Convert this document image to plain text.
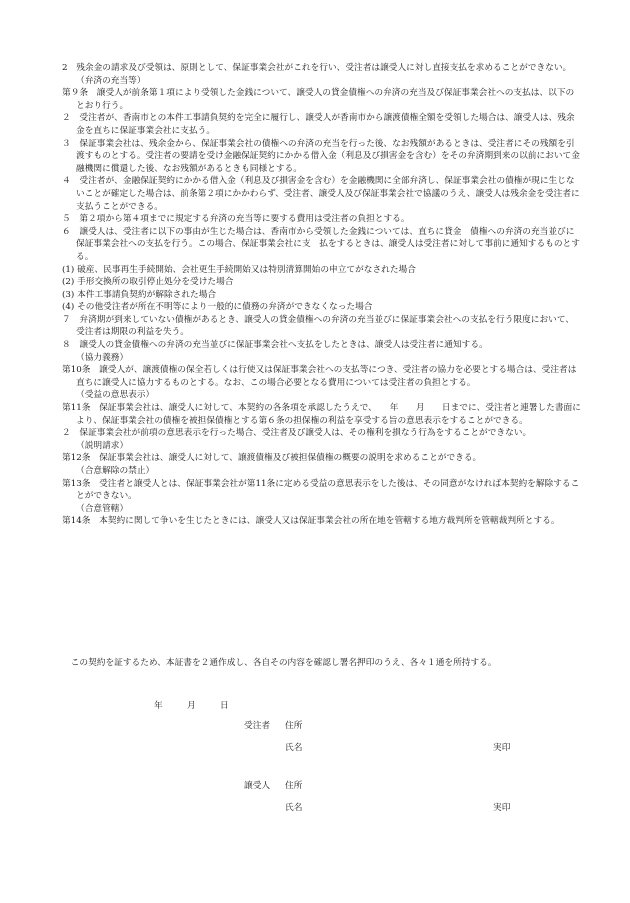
2　残余金の請求及び受領は、原則として、保証事業会社がこれを行い、受注者は譲受人に対し直接支払を求めることができない。

（弁済の充当等）

第９条　譲受人が前条第１項により受領した金銭について、譲受人の貸金債権への弁済の充当及び保証事業会社への支払は、以下のとおり行う。

２　受注者が、香南市との本件工事請負契約を完全に履行し、譲受人が香南市から譲渡債権全額を受領した場合は、譲受人は、残余金を直ちに保証事業会社に支払う。

３　保証事業会社は、残余金から、保証事業会社の債権への弁済の充当を行った後、なお残額があるときは、受注者にその残額を引渡すものとする。受注者の要請を受け金融保証契約にかかる借入金（利息及び損害金を含む）をその弁済期到来の以前において金融機関に償還した後、なお残額があるときも同様とする。

４　受注者が、金融保証契約にかかる借入金（利息及び損害金を含む）を金融機関に全部弁済し、保証事業会社の債権が現に生じないことが確定した場合は、前条第２項にかかわらず、受注者、譲受人及び保証事業会社で協議のうえ、譲受人は残余金を受注者に支払うことができる。

５　第２項から第４項までに規定する弁済の充当等に要する費用は受注者の負担とする。

６　譲受人は、受注者に以下の事由が生じた場合は、香南市から受領した金銭については、直ちに貸金　債権への弁済の充当並びに保証事業会社への支払を行う。この場合、保証事業会社に支　払をするときは、譲受人は受注者に対して事前に通知するものとする。

(1) 破産、民事再生手続開始、会社更生手続開始又は特別清算開始の申立てがなされた場合

(2) 手形交換所の取引停止処分を受けた場合

(3) 本件工事請負契約が解除された場合

(4) その他受注者が所在不明等により一般的に債務の弁済ができなくなった場合

７　弁済期が到来していない債権があるとき、譲受人の貸金債権への弁済の充当並びに保証事業会社への支払を行う限度において、受注者は期限の利益を失う。

８　譲受人の貸金債権への弁済の充当並びに保証事業会社へ支払をしたときは、譲受人は受注者に通知する。

（協力義務）

第10条　譲受人が、譲渡債権の保全若しくは行使又は保証事業会社への支払等につき、受注者の協力を必要とする場合は、受注者は直ちに譲受人に協力するものとする。なお、この場合必要となる費用については受注者の負担とする。

（受益の意思表示）

第11条　保証事業会社は、譲受人に対して、本契約の各条項を承認したうえで、　　年　　月　　日までに、受注者と連署した書面により、保証事業会社の債権を被担保債権とする第６条の担保権の利益を享受する旨の意思表示をすることができる。

２　保証事業会社が前項の意思表示を行った場合、受注者及び譲受人は、その権利を損なう行為をすることができない。

（説明請求）

第12条　保証事業会社は、譲受人に対して、譲渡債権及び被担保債権の概要の説明を求めることができる。

（合意解除の禁止）

第13条　受注者と譲受人とは、保証事業会社が第11条に定める受益の意思表示をした後は、その同意がなければ本契約を解除することができない。

（合意管轄）

第14条　本契約に関して争いを生じたときには、譲受人又は保証事業会社の所在地を管轄する地方裁判所を管轄裁判所とする。

　この契約を証するため、本証書を２通作成し、各自その内容を確認し署名押印のうえ、各々１通を所持する。

年	月	日
受注者 住所
氏名	実印
譲受人 住所
氏名	実印
